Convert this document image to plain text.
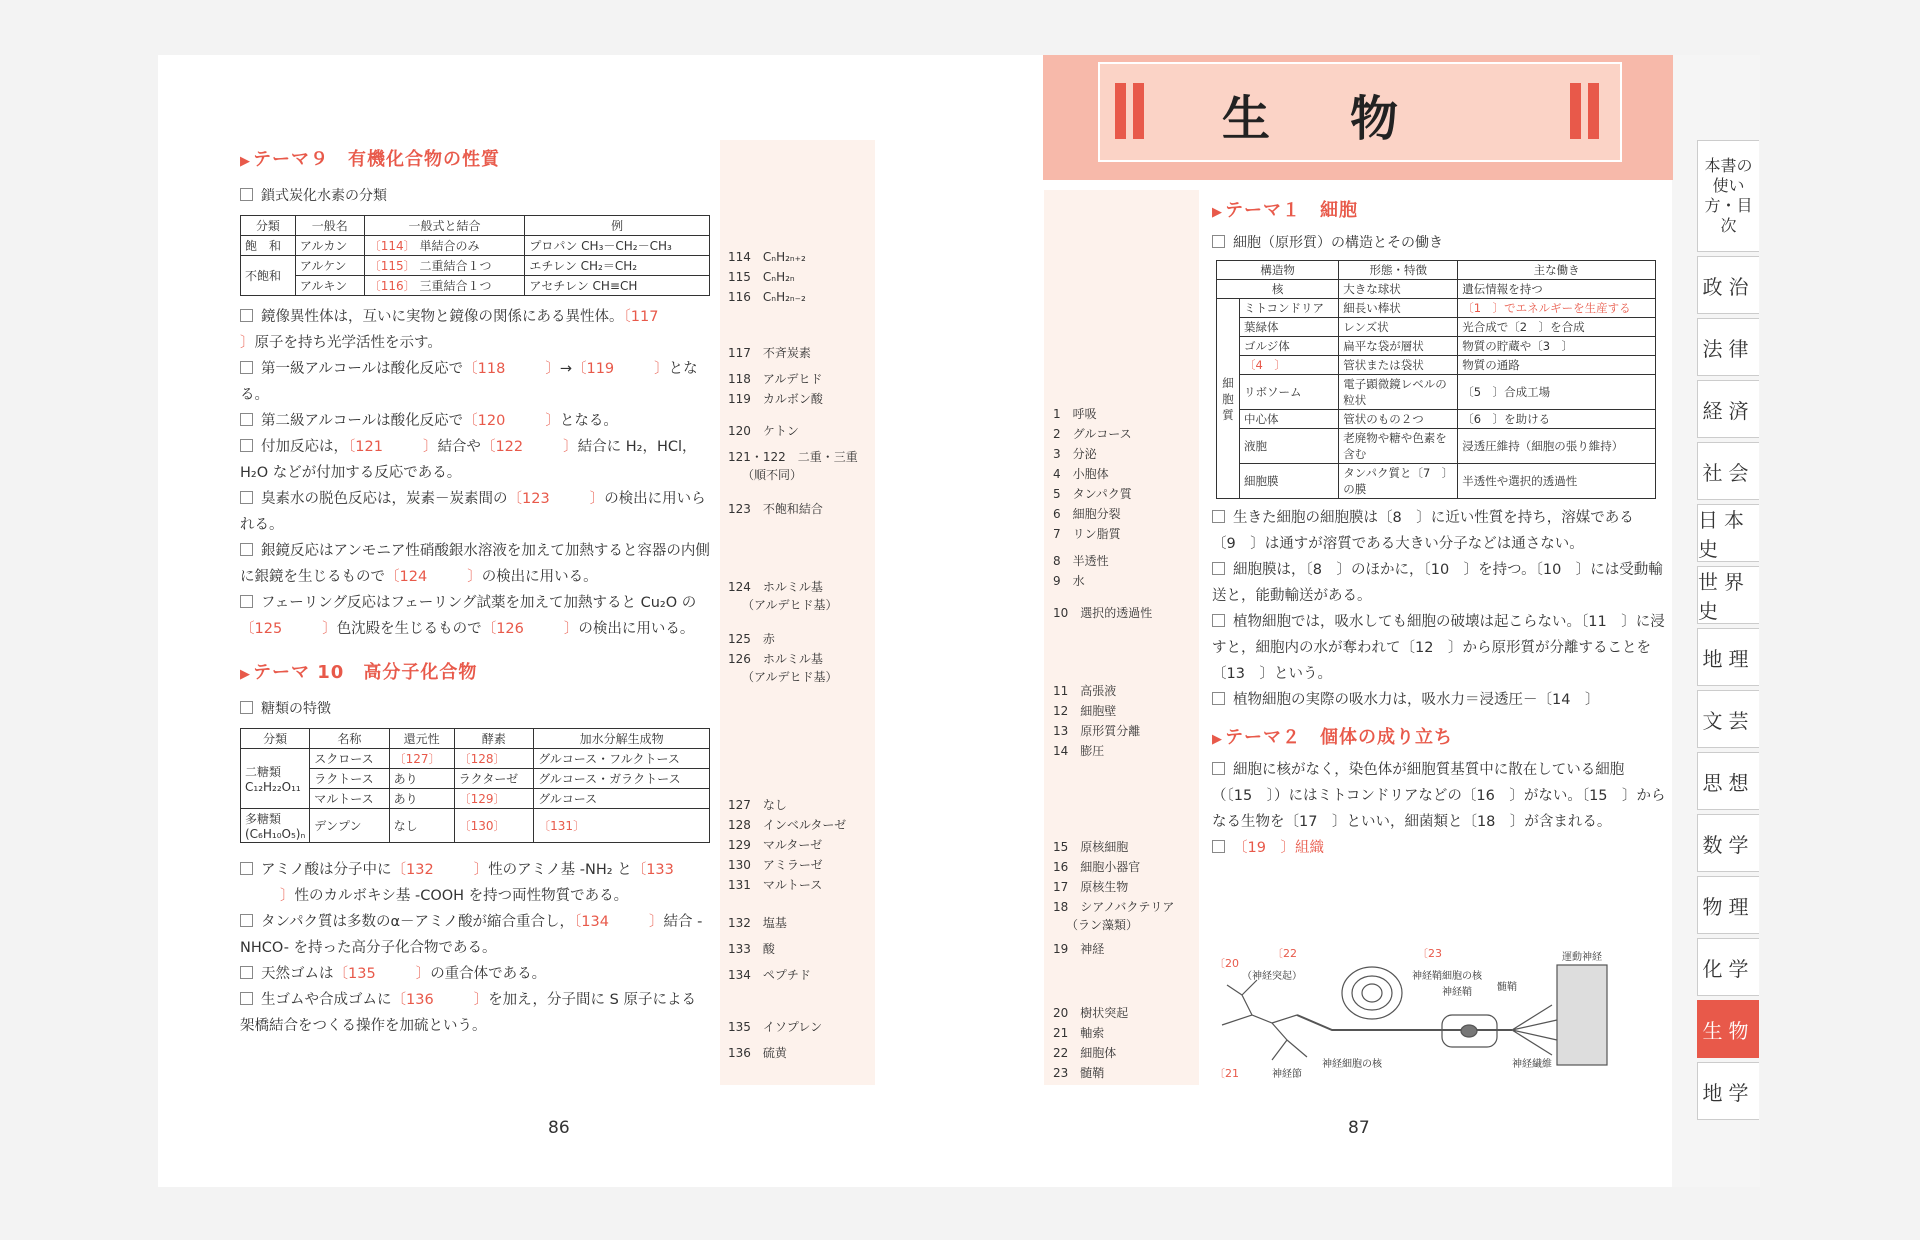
▶ テーマ９　有機化合物の性質

鎖式炭化水素の分類

分類	一般名	一般式と結合	例
飽　和	アルカン	〔114〕 単結合のみ	プロパン CH₃－CH₂－CH₃
不飽和	アルケン	〔115〕 二重結合１つ	エチレン CH₂＝CH₂
	アルキン	〔116〕 三重結合１つ	アセチレン CH≡CH

鏡像異性体は，互いに実物と鏡像の関係にある異性体。〔117〕原子を持ち光学活性を示す。

第一級アルコールは酸化反応で〔118	〕→〔119	〕となる。

第二級アルコールは酸化反応で〔120	〕となる。

付加反応は，〔121	〕結合や〔122	〕結合に H₂，HCl，H₂O などが付加する反応である。

臭素水の脱色反応は，炭素－炭素間の〔123	〕の検出に用いられる。

銀鏡反応はアンモニア性硝酸銀水溶液を加えて加熱すると容器の内側に銀鏡を生じるもので〔124	〕の検出に用いる。

フェーリング反応はフェーリング試薬を加えて加熱すると Cu₂O の〔125	〕色沈殿を生じるもので〔126	〕の検出に用いる。

▶ テーマ 10　高分子化合物

糖類の特徴

分類	名称	還元性	酵素	加水分解生成物
二糖類 C₁₂H₂₂O₁₁	スクロース	〔127〕	〔128〕	グルコース・フルクトース
	ラクトース	あり	ラクターゼ	グルコース・ガラクトース
	マルトース	あり	〔129〕	グルコース
多糖類 (C₆H₁₀O₅)ₙ	デンプン	なし	〔130〕	〔131〕

アミノ酸は分子中に〔132	〕性のアミノ基 -NH₂ と〔133〕性のカルボキシ基 -COOH を持つ両性物質である。

タンパク質は多数のα－アミノ酸が縮合重合し，〔134	〕結合 -NHCO- を持った高分子化合物である。

天然ゴムは〔135	〕の重合体である。

生ゴムや合成ゴムに〔136	〕を加え，分子間に S 原子による架橋結合をつくる操作を加硫という。

114　CₙH₂ₙ₊₂
115　CₙH₂ₙ
116　CₙH₂ₙ₋₂
117　不斉炭素
118　アルデヒド
119　カルボン酸
120　ケトン
121・122　二重・三重
（順不同）
123　不飽和結合
124　ホルミル基
（アルデヒド基）
125　赤
126　ホルミル基
（アルデヒド基）
127　なし
128　インベルターゼ
129　マルターゼ
130　アミラーゼ
131　マルトース
132　塩基
133　酸
134　ペプチド
135　イソプレン
136　硫黄
86
生物

▶ テーマ１　細胞

細胞（原形質）の構造とその働き

構造物		形態・特徴	主な働き
核		大きな球状	遺伝情報を持つ
細胞質	ミトコンドリア	細長い棒状	〔1　〕でエネルギーを生産する
	葉緑体	レンズ状	光合成で〔2　〕を合成
	ゴルジ体	扁平な袋が層状	物質の貯蔵や〔3　〕
	〔4　〕	管状または袋状	物質の通路
	リボソーム	電子顕微鏡レベルの粒状	〔5　〕合成工場
	中心体	管状のもの２つ	〔6　〕を助ける
	液胞	老廃物や糖や色素を含む	浸透圧維持（細胞の張り維持）
	細胞膜	タンパク質と〔7　〕の膜	半透性や選択的透過性

生きた細胞の細胞膜は〔8　〕に近い性質を持ち，溶媒である〔9　〕は通すが溶質である大きい分子などは通さない。

細胞膜は，〔8　〕のほかに，〔10　〕を持つ。〔10　〕には受動輸送と，能動輸送がある。

植物細胞では，吸水しても細胞の破壊は起こらない。〔11　〕に浸すと，細胞内の水が奪われて〔12　〕から原形質が分離することを〔13　〕という。

植物細胞の実際の吸水力は，吸水力＝浸透圧－〔14　〕

▶ テーマ２　個体の成り立ち

細胞に核がなく，染色体が細胞質基質中に散在している細胞（〔15　〕）にはミトコンドリアなどの〔16　〕がない。〔15　〕からなる生物を〔17　〕といい，細菌類と〔18　〕が含まれる。

〔19　〕組織

〔20
（神経突起）
〔21
〔22	〔23
神経鞘細胞の核
神経鞘	髄鞘
神経細胞の核
神経節
神経繊維
運動神経
1　呼吸
2　グルコース
3　分泌
4　小胞体
5　タンパク質
6　細胞分裂
7　リン脂質
8　半透性
9　水
10　選択的透過性
11　高張液
12　細胞壁
13　原形質分離
14　膨圧
15　原核細胞
16　細胞小器官
17　原核生物
18　シアノバクテリア
（ラン藻類）
19　神経
20　樹状突起
21　軸索
22　細胞体
23　髄鞘
87
本書の使い方・目次
政治
法律
経済
社会
日本史
世界史
地理
文芸
思想
数学
物理
化学
生物
地学
